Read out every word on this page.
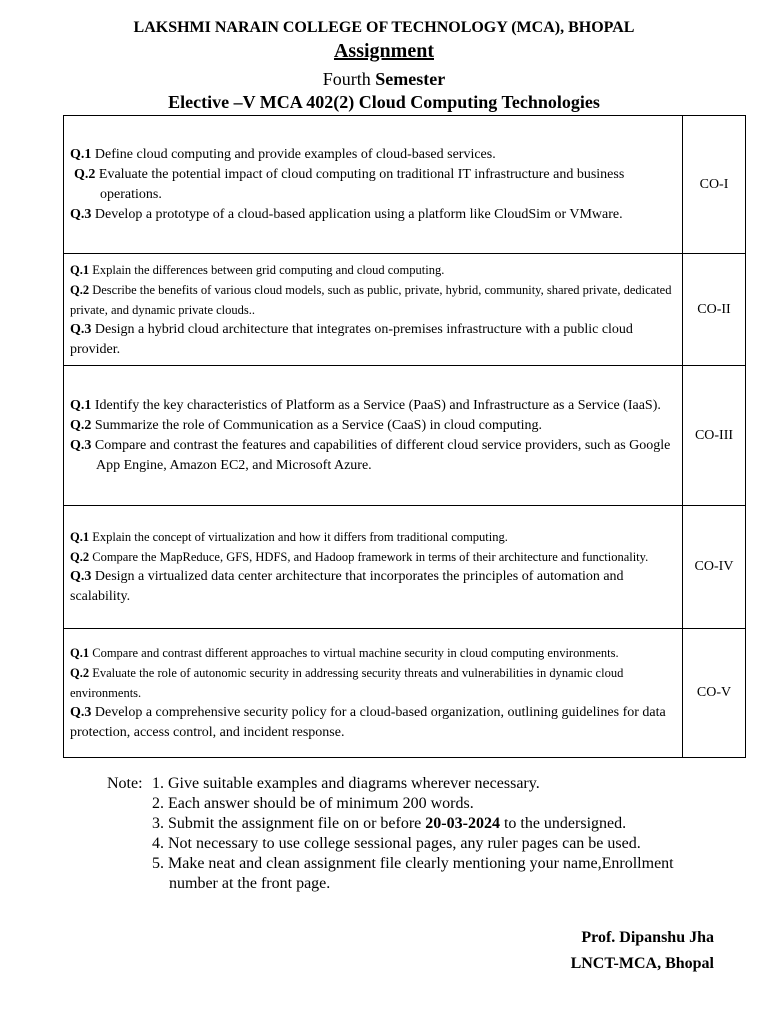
LAKSHMI NARAIN COLLEGE OF TECHNOLOGY (MCA), BHOPAL
Assignment
Fourth Semester
Elective –V MCA 402(2) Cloud Computing Technologies
Q.1 Define cloud computing and provide examples of cloud-based services.
Q.2 Evaluate the potential impact of cloud computing on traditional IT infrastructure and business operations.
Q.3 Develop a prototype of a cloud-based application using a platform like CloudSim or VMware.	CO-I

Q.1 Explain the differences between grid computing and cloud computing.
Q.2 Describe the benefits of various cloud models, such as public, private, hybrid, community, shared private, dedicated private, and dynamic private clouds..
Q.3 Design a hybrid cloud architecture that integrates on-premises infrastructure with a public cloud provider.	CO-II

Q.1 Identify the key characteristics of Platform as a Service (PaaS) and Infrastructure as a Service (IaaS).
Q.2 Summarize the role of Communication as a Service (CaaS) in cloud computing.
Q.3 Compare and contrast the features and capabilities of different cloud service providers, such as Google App Engine, Amazon EC2, and Microsoft Azure.	CO-III

Q.1 Explain the concept of virtualization and how it differs from traditional computing.
Q.2 Compare the MapReduce, GFS, HDFS, and Hadoop framework in terms of their architecture and functionality.
Q.3 Design a virtualized data center architecture that incorporates the principles of automation and scalability.	CO-IV

Q.1 Compare and contrast different approaches to virtual machine security in cloud computing environments.
Q.2 Evaluate the role of autonomic security in addressing security threats and vulnerabilities in dynamic cloud environments.
Q.3 Develop a comprehensive security policy for a cloud-based organization, outlining guidelines for data protection, access control, and incident response.	CO-V
Note: 1. Give suitable examples and diagrams wherever necessary.
2. Each answer should be of minimum 200 words.
3. Submit the assignment file on or before 20-03-2024 to the undersigned.
4. Not necessary to use college sessional pages, any ruler pages can be used.
5. Make neat and clean assignment file clearly mentioning your name,Enrollment number at the front page.
Prof. Dipanshu Jha
LNCT-MCA, Bhopal
